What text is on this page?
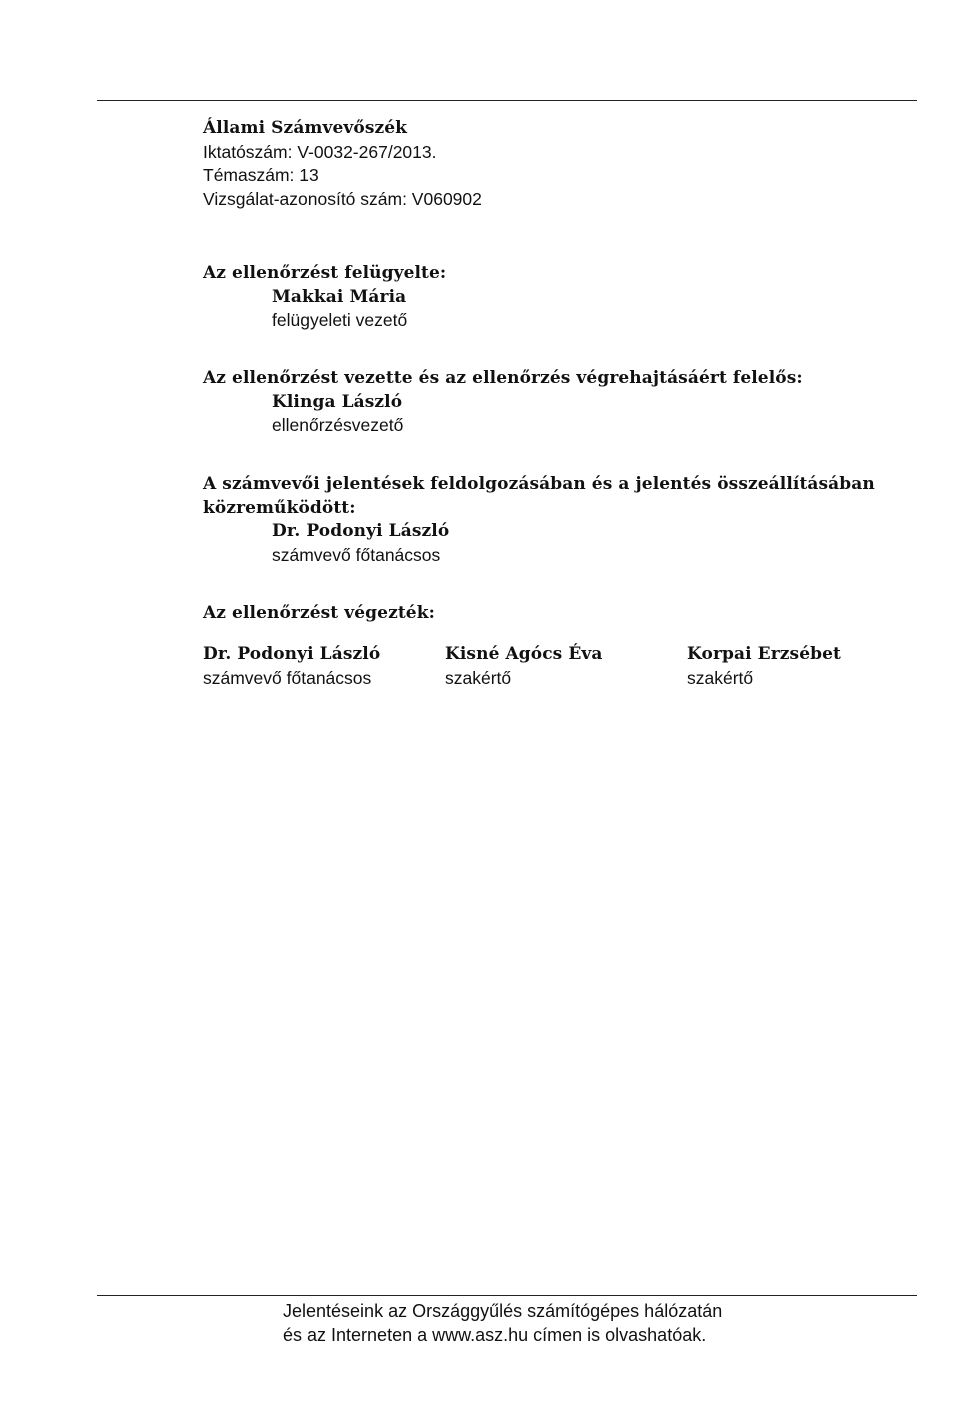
Állami Számvevőszék
Iktatószám: V-0032-267/2013.
Témaszám: 13
Vizsgálat-azonosító szám: V060902
Az ellenőrzést felügyelte:
Makkai Mária
felügyeleti vezető
Az ellenőrzést vezette és az ellenőrzés végrehajtásáért felelős:
Klinga László
ellenőrzésvezető
A számvevői jelentések feldolgozásában és a jelentés összeállításában
közreműködött:
Dr. Podonyi László
számvevő főtanácsos
Az ellenőrzést végezték:
Dr. Podonyi László
számvevő főtanácsos
Kisné Agócs Éva
szakértő
Korpai Erzsébet
szakértő
Jelentéseink az Országgyűlés számítógépes hálózatán
és az Interneten a www.asz.hu címen is olvashatóak.
